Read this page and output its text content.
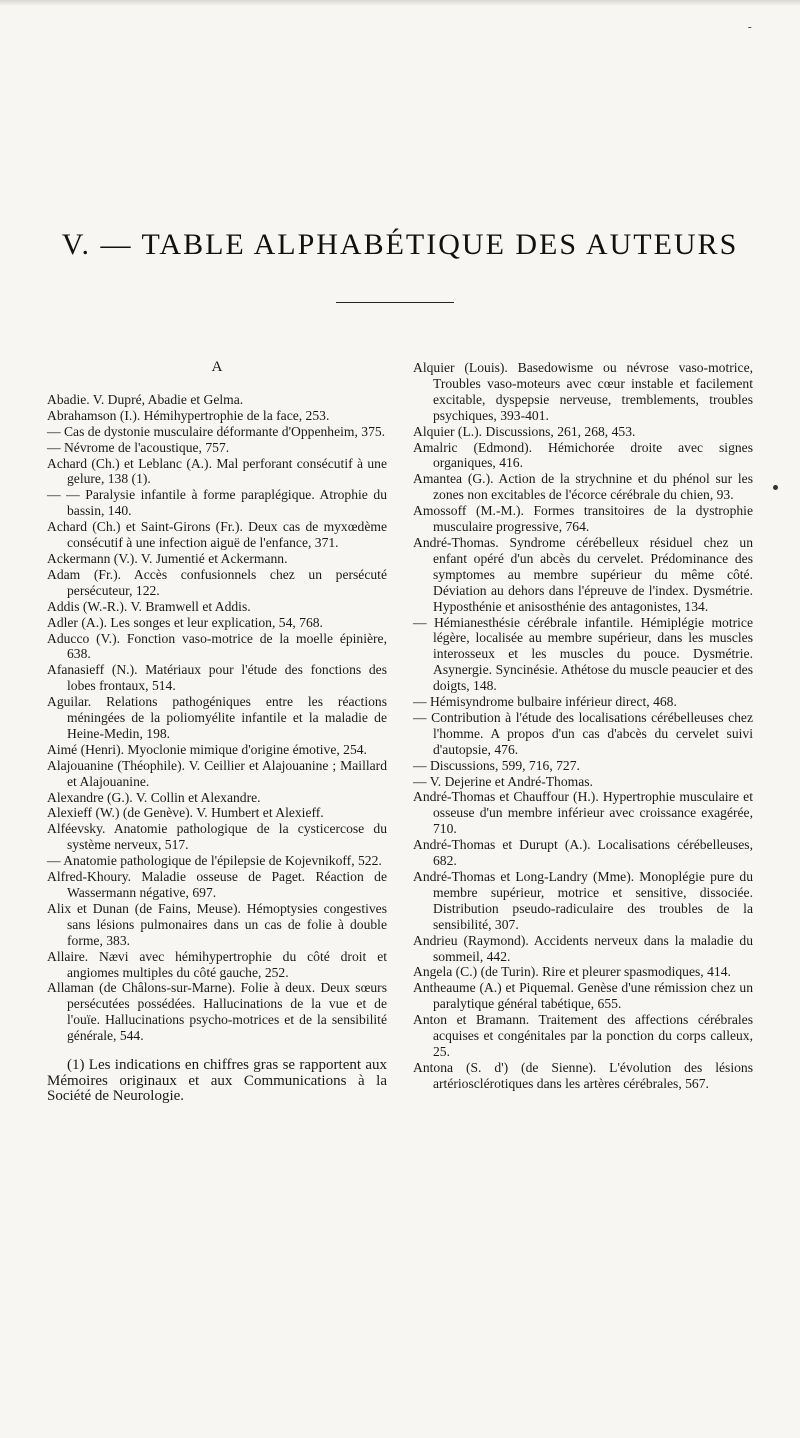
-
V. — TABLE ALPHABÉTIQUE DES AUTEURS
A

Abadie. V. Dupré, Abadie et Gelma.

Abrahamson (I.). Hémihypertrophie de la face, 253.

— Cas de dystonie musculaire déformante d'Oppenheim, 375.

— Névrome de l'acoustique, 757.

Achard (Ch.) et Leblanc (A.). Mal perforant consécutif à une gelure, 138 (1).

— — Paralysie infantile à forme paraplégique. Atrophie du bassin, 140.

Achard (Ch.) et Saint-Girons (Fr.). Deux cas de myxœdème consécutif à une infection aiguë de l'enfance, 371.

Ackermann (V.). V. Jumentié et Ackermann.

Adam (Fr.). Accès confusionnels chez un persécuté persécuteur, 122.

Addis (W.-R.). V. Bramwell et Addis.

Adler (A.). Les songes et leur explication, 54, 768.

Aducco (V.). Fonction vaso-motrice de la moelle épinière, 638.

Afanasieff (N.). Matériaux pour l'étude des fonctions des lobes frontaux, 514.

Aguilar. Relations pathogéniques entre les réactions méningées de la poliomyélite infantile et la maladie de Heine-Medin, 198.

Aimé (Henri). Myoclonie mimique d'origine émotive, 254.

Alajouanine (Théophile). V. Ceillier et Alajouanine ; Maillard et Alajouanine.

Alexandre (G.). V. Collin et Alexandre.

Alexieff (W.) (de Genève). V. Humbert et Alexieff.

Alféevsky. Anatomie pathologique de la cysticercose du système nerveux, 517.

— Anatomie pathologique de l'épilepsie de Kojevnikoff, 522.

Alfred-Khoury. Maladie osseuse de Paget. Réaction de Wassermann négative, 697.

Alix et Dunan (de Fains, Meuse). Hémoptysies congestives sans lésions pulmonaires dans un cas de folie à double forme, 383.

Allaire. Nævi avec hémihypertrophie du côté droit et angiomes multiples du côté gauche, 252.

Allaman (de Châlons-sur-Marne). Folie à deux. Deux sœurs persécutées possédées. Hallucinations de la vue et de l'ouïe. Hallucinations psycho-motrices et de la sensibilité générale, 544.

(1) Les indications en chiffres gras se rapportent aux Mémoires originaux et aux Communications à la Société de Neurologie.

Alquier (Louis). Basedowisme ou névrose vaso-motrice, Troubles vaso-moteurs avec cœur instable et facilement excitable, dyspepsie nerveuse, tremblements, troubles psychiques, 393-401.

Alquier (L.). Discussions, 261, 268, 453.

Amalric (Edmond). Hémichorée droite avec signes organiques, 416.

Amantea (G.). Action de la strychnine et du phénol sur les zones non excitables de l'écorce cérébrale du chien, 93.

Amossoff (M.-M.). Formes transitoires de la dystrophie musculaire progressive, 764.

André-Thomas. Syndrome cérébelleux résiduel chez un enfant opéré d'un abcès du cervelet. Prédominance des symptomes au membre supérieur du même côté. Déviation au dehors dans l'épreuve de l'index. Dysmétrie. Hyposthénie et anisosthénie des antagonistes, 134.

— Hémianesthésie cérébrale infantile. Hémiplégie motrice légère, localisée au membre supérieur, dans les muscles interosseux et les muscles du pouce. Dysmétrie. Asynergie. Syncinésie. Athétose du muscle peaucier et des doigts, 148.

— Hémisyndrome bulbaire inférieur direct, 468.

— Contribution à l'étude des localisations cérébelleuses chez l'homme. A propos d'un cas d'abcès du cervelet suivi d'autopsie, 476.

— Discussions, 599, 716, 727.

— V. Dejerine et André-Thomas.

André-Thomas et Chauffour (H.). Hypertrophie musculaire et osseuse d'un membre inférieur avec croissance exagérée, 710.

André-Thomas et Durupt (A.). Localisations cérébelleuses, 682.

André-Thomas et Long-Landry (Mme). Monoplégie pure du membre supérieur, motrice et sensitive, dissociée. Distribution pseudo-radiculaire des troubles de la sensibilité, 307.

Andrieu (Raymond). Accidents nerveux dans la maladie du sommeil, 442.

Angela (C.) (de Turin). Rire et pleurer spasmodiques, 414.

Antheaume (A.) et Piquemal. Genèse d'une rémission chez un paralytique général tabétique, 655.

Anton et Bramann. Traitement des affections cérébrales acquises et congénitales par la ponction du corps calleux, 25.

Antona (S. d') (de Sienne). L'évolution des lésions artériosclérotiques dans les artères cérébrales, 567.
